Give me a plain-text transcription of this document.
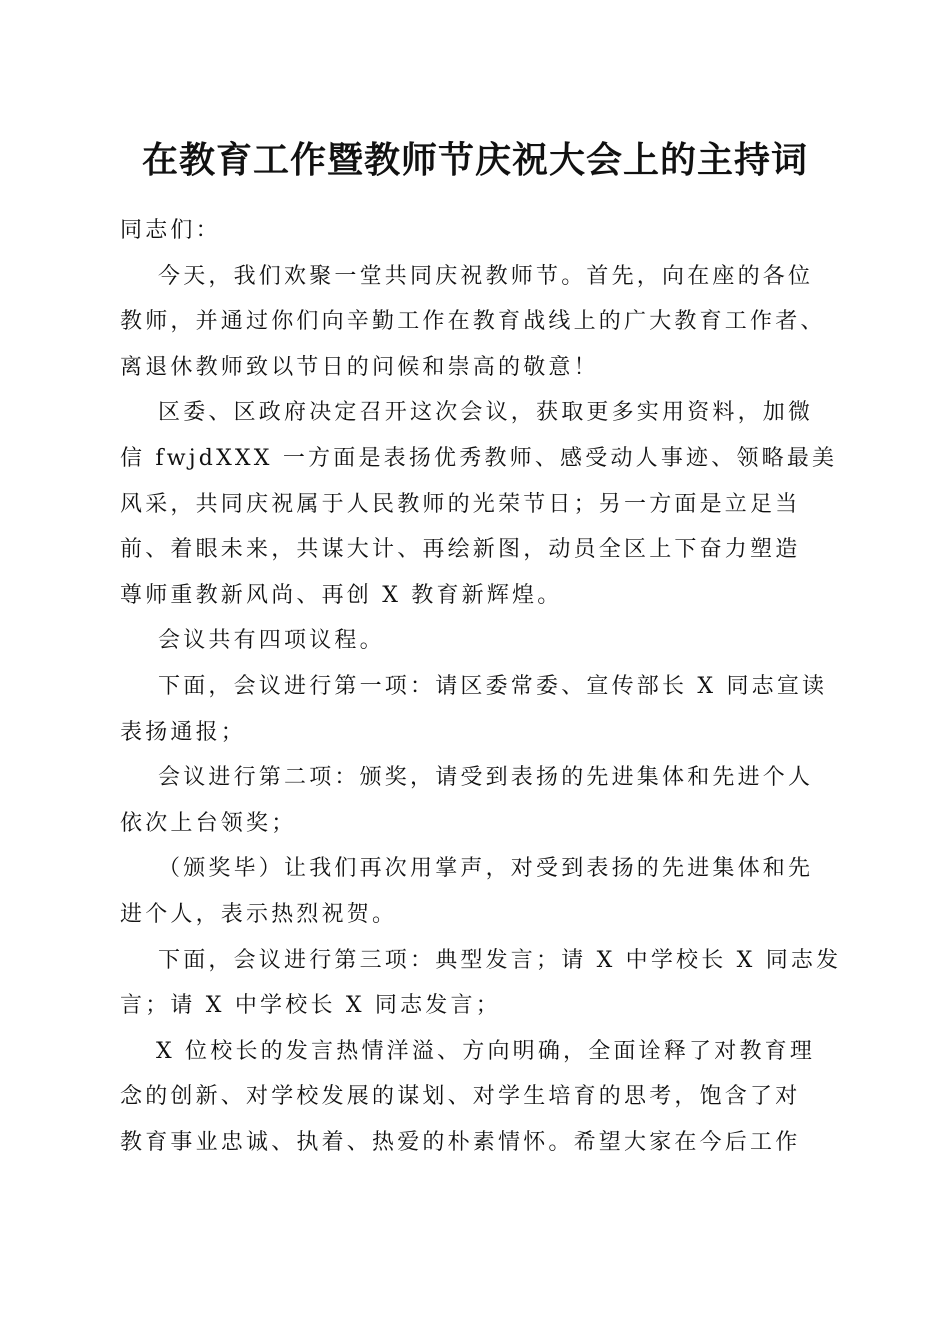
在教育工作暨教师节庆祝大会上的主持词
同志们：
今天，我们欢聚一堂共同庆祝教师节。首先，向在座的各位
教师，并通过你们向辛勤工作在教育战线上的广大教育工作者、
离退休教师致以节日的问候和崇高的敬意！
区委、区政府决定召开这次会议，获取更多实用资料，加微
信 fwjdXXX 一方面是表扬优秀教师、感受动人事迹、领略最美
风采，共同庆祝属于人民教师的光荣节日；另一方面是立足当
前、着眼未来，共谋大计、再绘新图，动员全区上下奋力塑造
尊师重教新风尚、再创 X 教育新辉煌。
会议共有四项议程。
下面，会议进行第一项：请区委常委、宣传部长 X 同志宣读
表扬通报；
会议进行第二项：颁奖，请受到表扬的先进集体和先进个人
依次上台领奖；
（颁奖毕）让我们再次用掌声，对受到表扬的先进集体和先
进个人，表示热烈祝贺。
下面，会议进行第三项：典型发言；请 X 中学校长 X 同志发
言；请 X 中学校长 X 同志发言；
X 位校长的发言热情洋溢、方向明确，全面诠释了对教育理
念的创新、对学校发展的谋划、对学生培育的思考，饱含了对
教育事业忠诚、执着、热爱的朴素情怀。希望大家在今后工作
